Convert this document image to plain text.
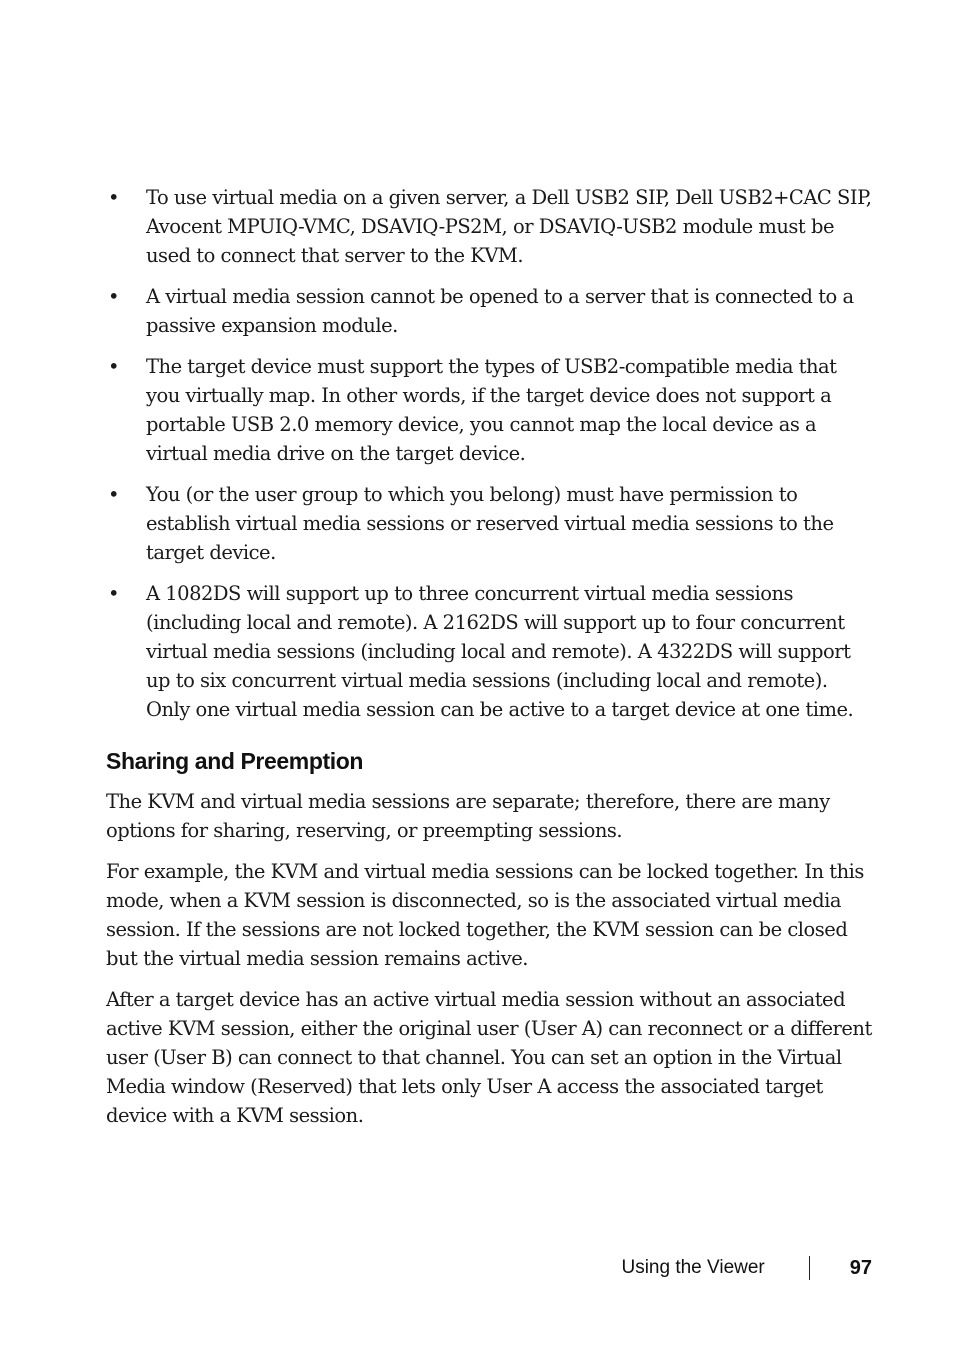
• To use virtual media on a given server, a Dell USB2 SIP, Dell USB2+CAC SIP, Avocent MPUIQ-VMC, DSAVIQ-PS2M, or DSAVIQ-USB2 module must be used to connect that server to the KVM.
• A virtual media session cannot be opened to a server that is connected to a passive expansion module.
• The target device must support the types of USB2-compatible media that you virtually map. In other words, if the target device does not support a portable USB 2.0 memory device, you cannot map the local device as a virtual media drive on the target device.
• You (or the user group to which you belong) must have permission to establish virtual media sessions or reserved virtual media sessions to the target device.
• A 1082DS will support up to three concurrent virtual media sessions (including local and remote). A 2162DS will support up to four concurrent virtual media sessions (including local and remote). A 4322DS will support up to six concurrent virtual media sessions (including local and remote). Only one virtual media session can be active to a target device at one time.
Sharing and Preemption

The KVM and virtual media sessions are separate; therefore, there are many options for sharing, reserving, or preempting sessions.

For example, the KVM and virtual media sessions can be locked together. In this mode, when a KVM session is disconnected, so is the associated virtual media session. If the sessions are not locked together, the KVM session can be closed but the virtual media session remains active.

After a target device has an active virtual media session without an associated active KVM session, either the original user (User A) can reconnect or a different user (User B) can connect to that channel. You can set an option in the Virtual Media window (Reserved) that lets only User A access the associated target device with a KVM session.

Using the Viewer	97
